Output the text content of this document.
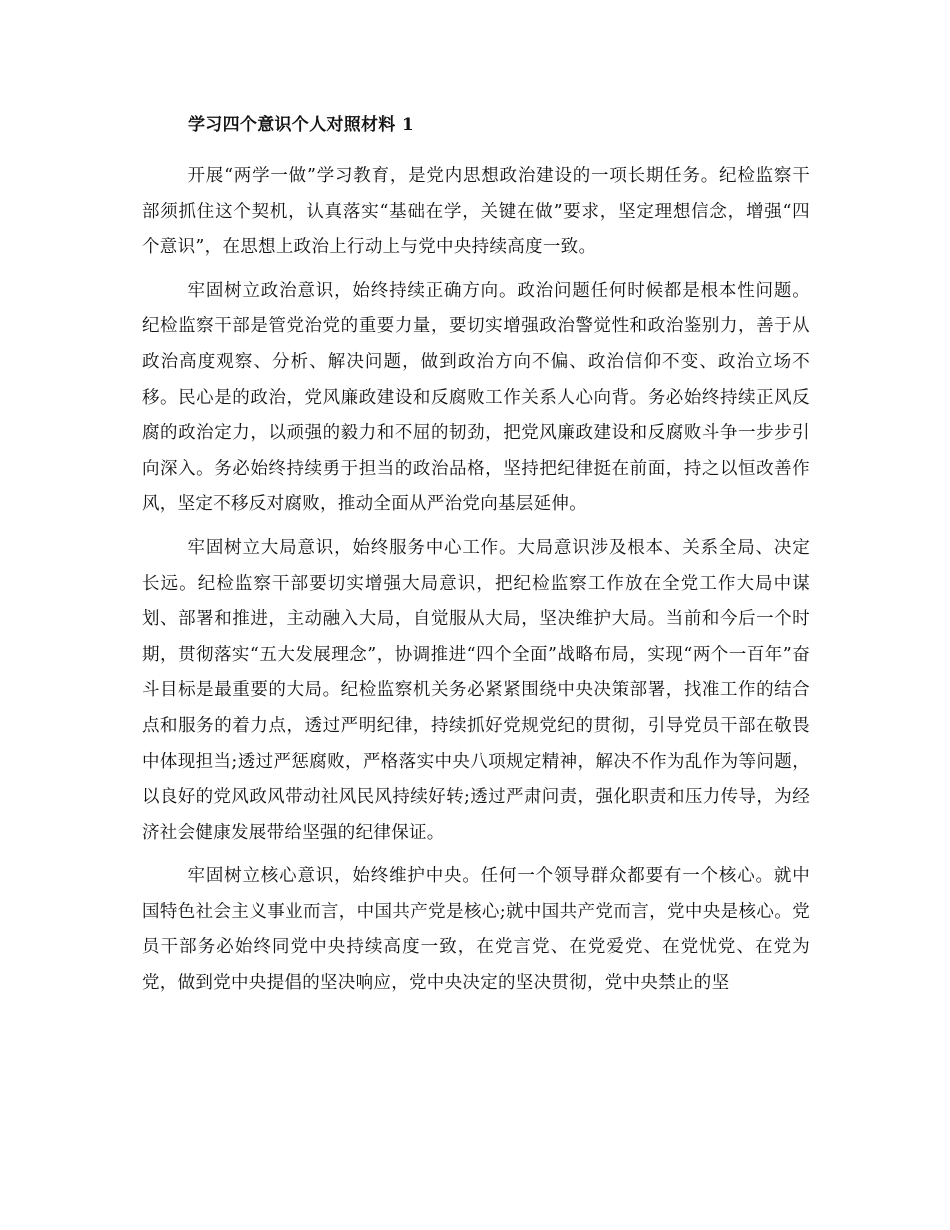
学习四个意识个人对照材料 1

开展“两学一做”学习教育，是党内思想政治建设的一项长期任务。纪检监察干部须抓住这个契机，认真落实“基础在学，关键在做”要求，坚定理想信念，增强“四个意识”，在思想上政治上行动上与党中央持续高度一致。

牢固树立政治意识，始终持续正确方向。政治问题任何时候都是根本性问题。纪检监察干部是管党治党的重要力量，要切实增强政治警觉性和政治鉴别力，善于从政治高度观察、分析、解决问题，做到政治方向不偏、政治信仰不变、政治立场不移。民心是的政治，党风廉政建设和反腐败工作关系人心向背。务必始终持续正风反腐的政治定力，以顽强的毅力和不屈的韧劲，把党风廉政建设和反腐败斗争一步步引向深入。务必始终持续勇于担当的政治品格，坚持把纪律挺在前面，持之以恒改善作风，坚定不移反对腐败，推动全面从严治党向基层延伸。

牢固树立大局意识，始终服务中心工作。大局意识涉及根本、关系全局、决定长远。纪检监察干部要切实增强大局意识，把纪检监察工作放在全党工作大局中谋划、部署和推进，主动融入大局，自觉服从大局，坚决维护大局。当前和今后一个时期，贯彻落实“五大发展理念”，协调推进“四个全面”战略布局，实现“两个一百年”奋斗目标是最重要的大局。纪检监察机关务必紧紧围绕中央决策部署，找准工作的结合点和服务的着力点，透过严明纪律，持续抓好党规党纪的贯彻，引导党员干部在敬畏中体现担当;透过严惩腐败，严格落实中央八项规定精神，解决不作为乱作为等问题，以良好的党风政风带动社风民风持续好转;透过严肃问责，强化职责和压力传导，为经济社会健康发展带给坚强的纪律保证。

牢固树立核心意识，始终维护中央。任何一个领导群众都要有一个核心。就中国特色社会主义事业而言，中国共产党是核心;就中国共产党而言，党中央是核心。党员干部务必始终同党中央持续高度一致，在党言党、在党爱党、在党忧党、在党为党，做到党中央提倡的坚决响应，党中央决定的坚决贯彻，党中央禁止的坚
